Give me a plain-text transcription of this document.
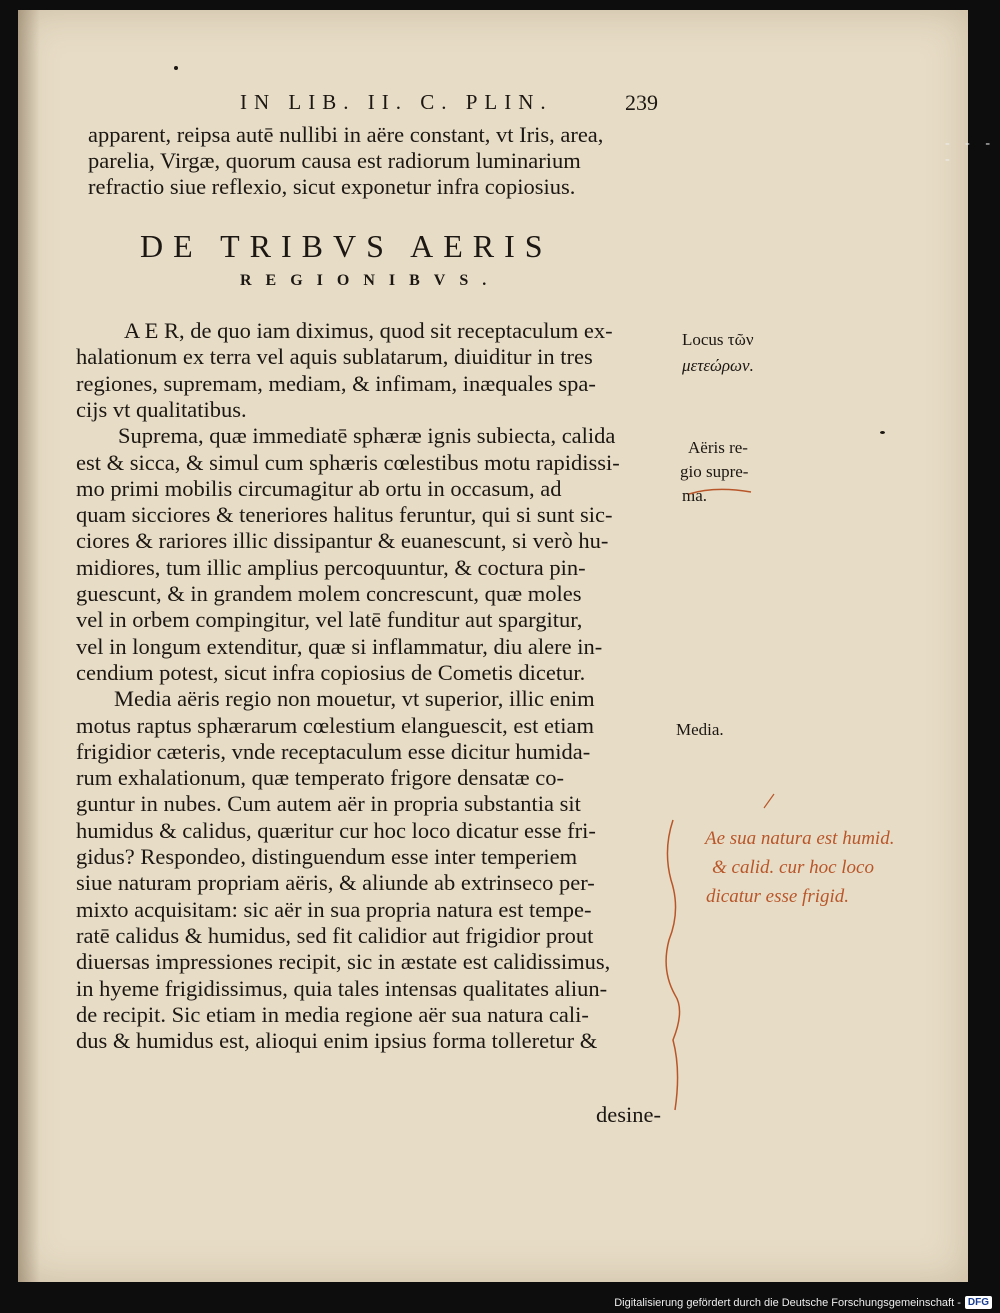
IN LIB. II. C. PLIN.	239
- - - -
apparent, reipsa autē nullibi in aëre constant, vt Iris, area,
parelia, Virgæ, quorum causa est radiorum luminarium
refractio siue reflexio, sicut exponetur infra copiosius.
DE TRIBVS AERIS
REGIONIBVS.
A E R, de quo iam diximus, quod sit receptaculum ex-
halationum ex terra vel aquis sublatarum, diuiditur in tres
regiones, supremam, mediam, & infimam, inæquales spa-
cijs vt qualitatibus.
Suprema, quæ immediatē sphæræ ignis subiecta, calida
est & sicca, & simul cum sphæris cœlestibus motu rapidissi-
mo primi mobilis circumagitur ab ortu in occasum, ad
quam sicciores & teneriores halitus feruntur, qui si sunt sic-
ciores & rariores illic dissipantur & euanescunt, si verò hu-
midiores, tum illic amplius percoquuntur, & coctura pin-
guescunt, & in grandem molem concrescunt, quæ moles
vel in orbem compingitur, vel latē funditur aut spargitur,
vel in longum extenditur, quæ si inflammatur, diu alere in-
cendium potest, sicut infra copiosius de Cometis dicetur.
Media aëris regio non mouetur, vt superior, illic enim
motus raptus sphærarum cœlestium elanguescit, est etiam
frigidior cæteris, vnde receptaculum esse dicitur humida-
rum exhalationum, quæ temperato frigore densatæ co-
guntur in nubes. Cum autem aër in propria substantia sit
humidus & calidus, quæritur cur hoc loco dicatur esse fri-
gidus? Respondeo, distinguendum esse inter temperiem
siue naturam propriam aëris, & aliunde ab extrinseco per-
mixto acquisitam: sic aër in sua propria natura est tempe-
ratē calidus & humidus, sed fit calidior aut frigidior prout
diuersas impressiones recipit, sic in æstate est calidissimus,
in hyeme frigidissimus, quia tales intensas qualitates aliun-
de recipit. Sic etiam in media regione aër sua natura cali-
dus & humidus est, alioqui enim ipsius forma tolleretur &
desine-
Locus τῶν
μετεώρων.
Aëris re-
gio supre-
ma.
Media.
Ae sua natura est humid.
& calid. cur hoc loco
dicatur esse frigid.
Digitalisierung gefördert durch die Deutsche Forschungsgemeinschaft - DFG
